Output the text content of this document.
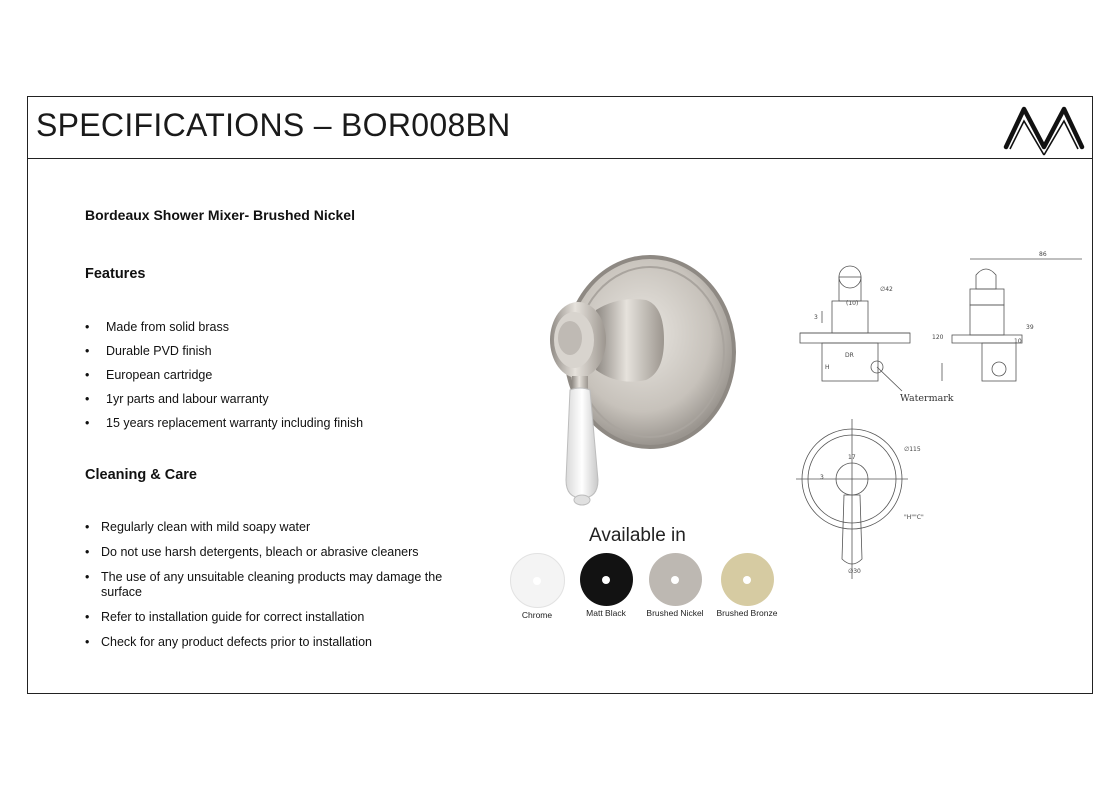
SPECIFICATIONS – BOR008BN
Bordeaux Shower Mixer- Brushed Nickel
Features
• Made from solid brass
• Durable PVD finish
• European cartridge
• 1yr parts and labour warranty
• 15 years replacement warranty including finish
Cleaning & Care
• Regularly clean with mild soapy water
• Do not use harsh detergents, bleach or abrasive cleaners
• The use of any unsuitable cleaning products may damage the surface
• Refer to installation guide for correct installation
• Check for any product defects prior to installation
86
∅42
(10)
3
120
39
10
DR
H
Watermark
∅115
17
3
"H""C"
∅30
Available in
Chrome	Matt Black	Brushed Nickel	Brushed Bronze
